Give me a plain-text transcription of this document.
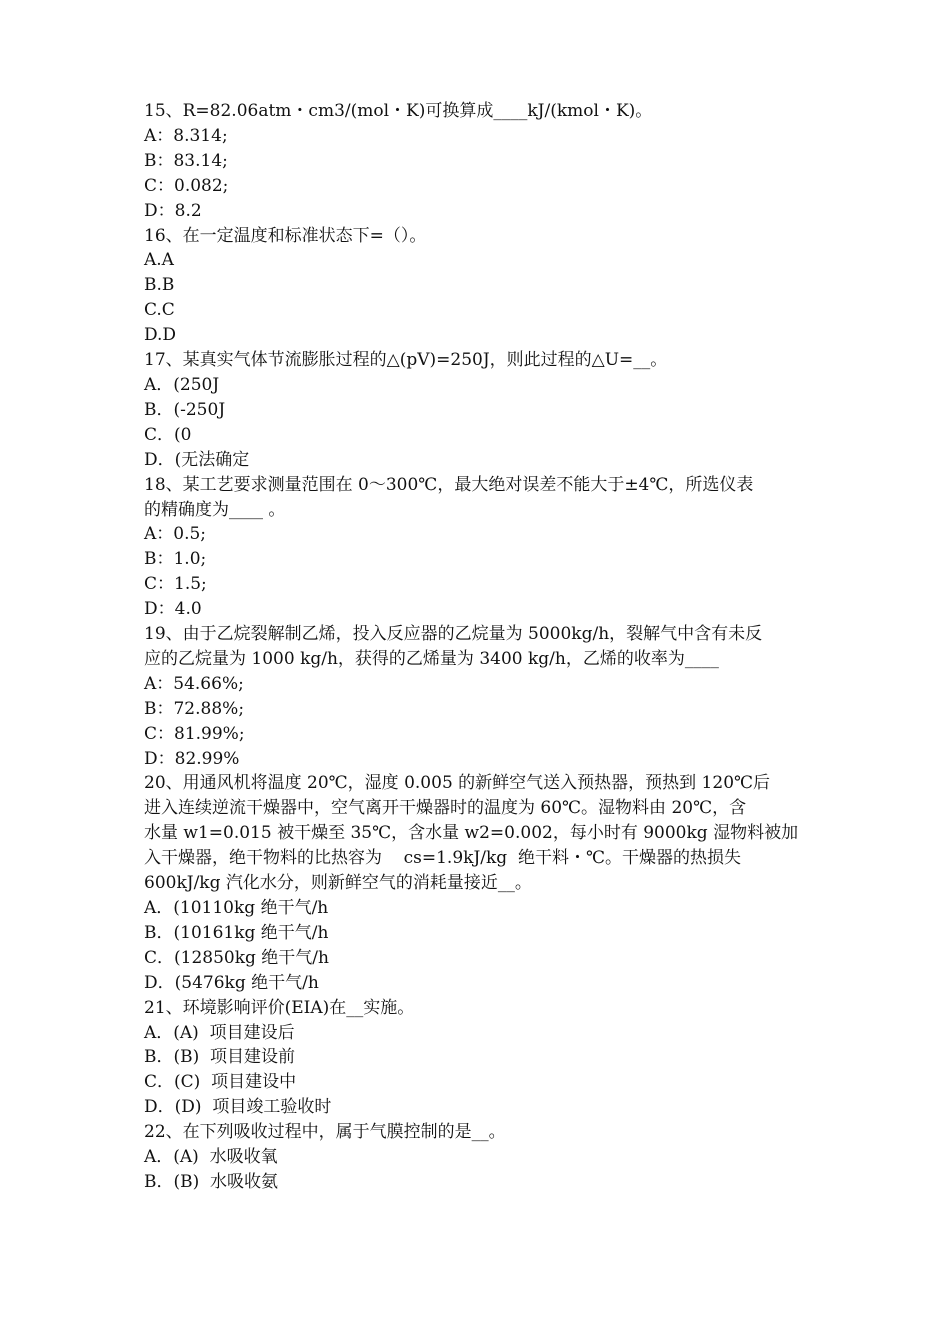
15、R=82.06atm・cm3/(mol・K)可换算成____kJ/(kmol・K)。
A：8.314;
B：83.14;
C：0.082;
D：8.2
16、在一定温度和标准状态下=（）。
A.A
B.B
C.C
D.D
17、某真实气体节流膨胀过程的△(pV)=250J，则此过程的△U=__。
A．(250J
B．(-250J
C．(0
D．(无法确定
18、某工艺要求测量范围在 0～300℃，最大绝对误差不能大于±4℃，所选仪表
的精确度为____ 。
A：0.5;
B：1.0;
C：1.5;
D：4.0
19、由于乙烷裂解制乙烯，投入反应器的乙烷量为 5000kg/h，裂解气中含有未反
应的乙烷量为 1000 kg/h，获得的乙烯量为 3400 kg/h，乙烯的收率为____
A：54.66%;
B：72.88%;
C：81.99%;
D：82.99%
20、用通风机将温度 20℃，湿度 0.005 的新鲜空气送入预热器，预热到 120℃后
进入连续逆流干燥器中，空气离开干燥器时的温度为 60℃。湿物料由 20℃，含
水量 w1=0.015 被干燥至 35℃，含水量 w2=0.002，每小时有 9000kg 湿物料被加
入干燥器，绝干物料的比热容为    cs=1.9kJ/kg  绝干料・℃。干燥器的热损失
600kJ/kg 汽化水分，则新鲜空气的消耗量接近__。
A．(10110kg 绝干气/h
B．(10161kg 绝干气/h
C．(12850kg 绝干气/h
D．(5476kg 绝干气/h
21、环境影响评价(EIA)在__实施。
A．(A)  项目建设后
B．(B)  项目建设前
C．(C)  项目建设中
D．(D)  项目竣工验收时
22、在下列吸收过程中，属于气膜控制的是__。
A．(A)  水吸收氧
B．(B)  水吸收氨
